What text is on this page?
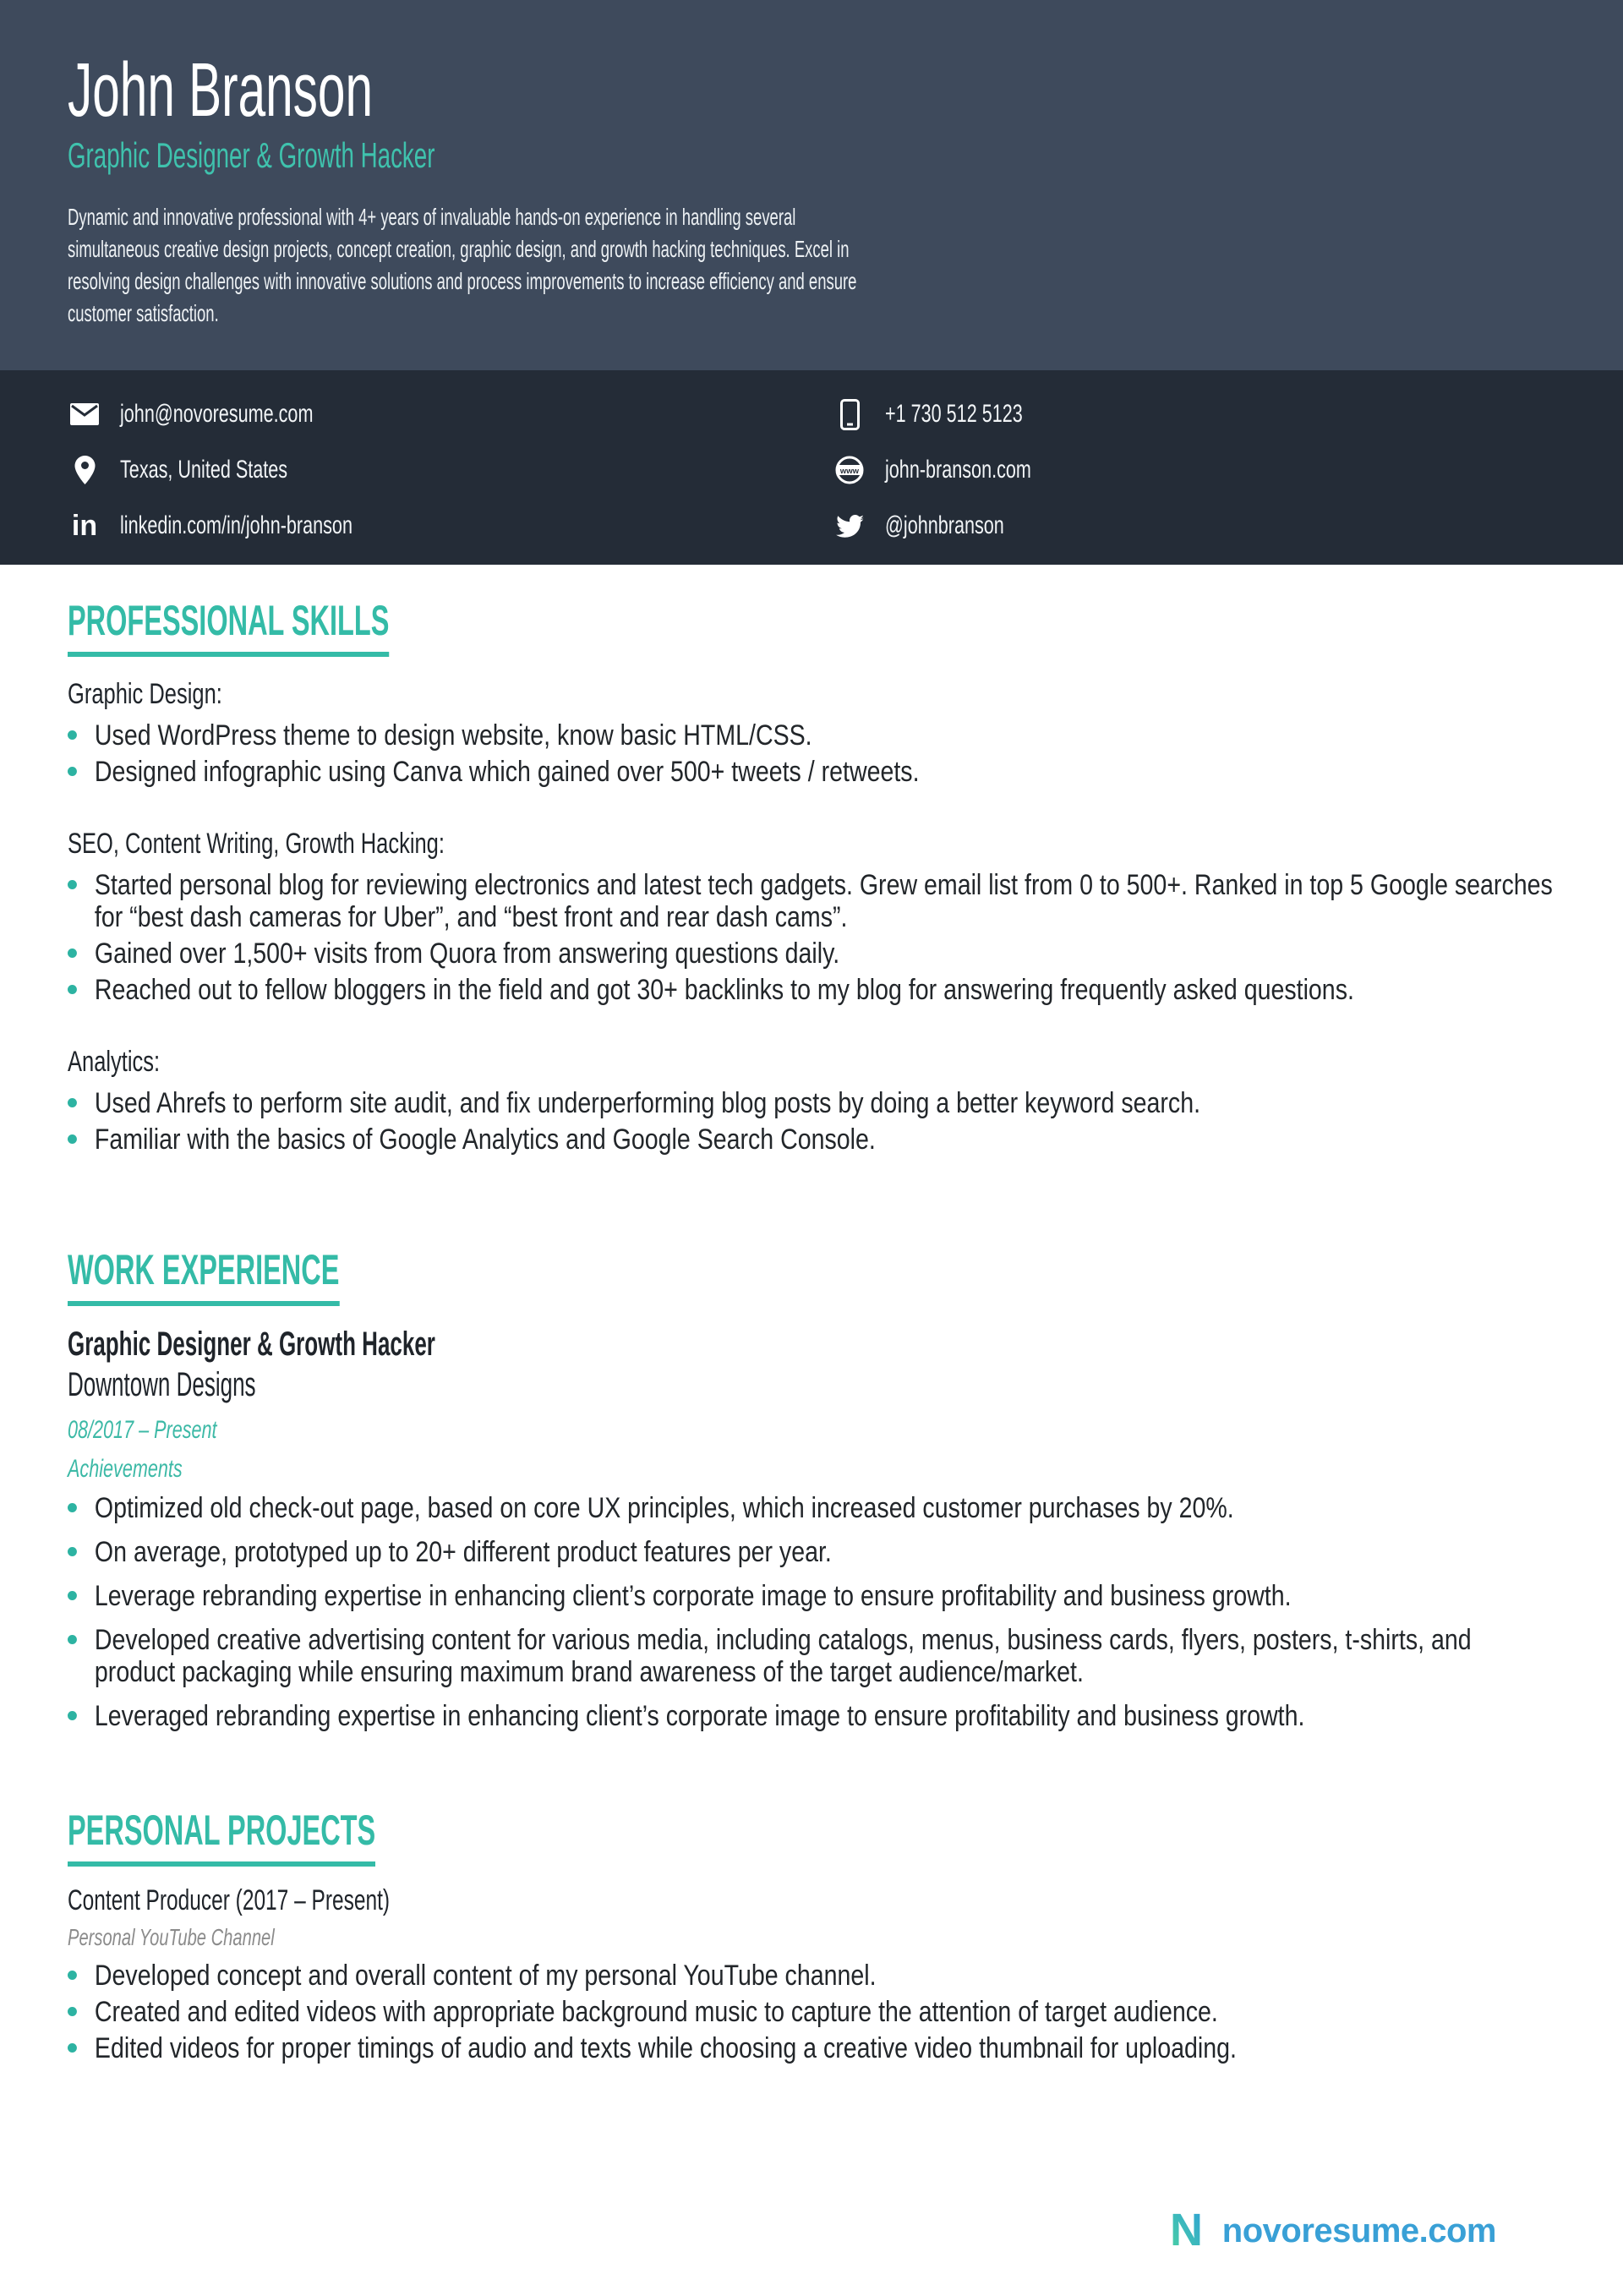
John Branson
Graphic Designer & Growth Hacker

Dynamic and innovative professional with 4+ years of invaluable hands-on experience in handling several simultaneous creative design projects, concept creation, graphic design, and growth hacking techniques. Excel in resolving design challenges with innovative solutions and process improvements to increase efficiency and ensure customer satisfaction.

john@novoresume.com
Texas, United States
in linkedin.com/in/john-branson
+1 730 512 5123
www john-branson.com
@johnbranson
PROFESSIONAL SKILLS
Graphic Design:
Used WordPress theme to design website, know basic HTML/CSS.
Designed infographic using Canva which gained over 500+ tweets / retweets.
SEO, Content Writing, Growth Hacking:
Started personal blog for reviewing electronics and latest tech gadgets. Grew email list from 0 to 500+. Ranked in top 5 Google searches for “best dash cameras for Uber”, and “best front and rear dash cams”.
Gained over 1,500+ visits from Quora from answering questions daily.
Reached out to fellow bloggers in the field and got 30+ backlinks to my blog for answering frequently asked questions.
Analytics:
Used Ahrefs to perform site audit, and fix underperforming blog posts by doing a better keyword search.
Familiar with the basics of Google Analytics and Google Search Console.
WORK EXPERIENCE
Graphic Designer & Growth Hacker
Downtown Designs
08/2017 – Present
Achievements
Optimized old check-out page, based on core UX principles, which increased customer purchases by 20%.
On average, prototyped up to 20+ different product features per year.
Leverage rebranding expertise in enhancing client’s corporate image to ensure profitability and business growth.
Developed creative advertising content for various media, including catalogs, menus, business cards, flyers, posters, t-shirts, and product packaging while ensuring maximum brand awareness of the target audience/market.
Leveraged rebranding expertise in enhancing client’s corporate image to ensure profitability and business growth.
PERSONAL PROJECTS
Content Producer (2017 – Present)
Personal YouTube Channel
Developed concept and overall content of my personal YouTube channel.
Created and edited videos with appropriate background music to capture the attention of target audience.
Edited videos for proper timings of audio and texts while choosing a creative video thumbnail for uploading.
N novoresume.com
